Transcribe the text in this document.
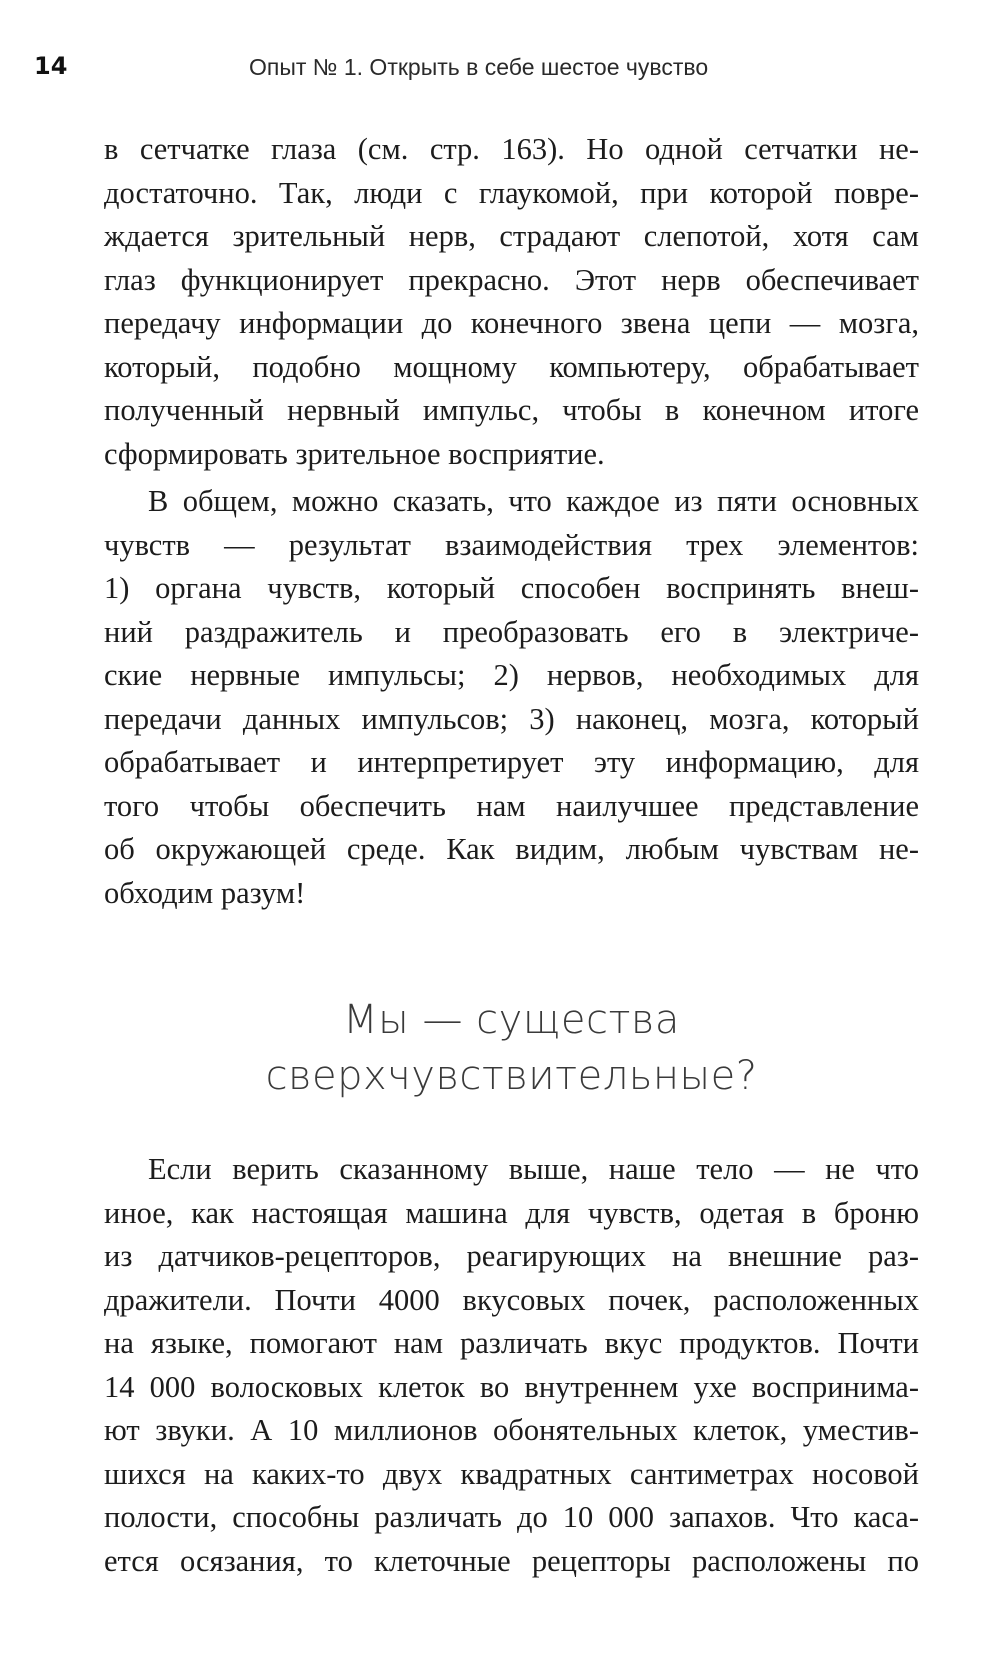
14	Опыт № 1. Открыть в себе шестое чувство
в сетчатке глаза (см. стр. 163). Но одной сетчатки не-
достаточно. Так, люди с глаукомой, при которой повре-
ждается зрительный нерв, страдают слепотой, хотя сам
глаз функционирует прекрасно. Этот нерв обеспечивает
передачу информации до конечного звена цепи — мозга,
который, подобно мощному компьютеру, обрабатывает
полученный нервный импульс, чтобы в конечном итоге
сформировать зрительное восприятие.
В общем, можно сказать, что каждое из пяти основных
чувств — результат взаимодействия трех элементов:
1) органа чувств, который способен воспринять внеш-
ний раздражитель и преобразовать его в электриче-
ские нервные импульсы; 2) нервов, необходимых для
передачи данных импульсов; 3) наконец, мозга, который
обрабатывает и интерпретирует эту информацию, для
того чтобы обеспечить нам наилучшее представление
об окружающей среде. Как видим, любым чувствам не-
обходим разум!
Мы — существа
сверхчувствительные?
Если верить сказанному выше, наше тело — не что
иное, как настоящая машина для чувств, одетая в броню
из датчиков-рецепторов, реагирующих на внешние раз-
дражители. Почти 4000 вкусовых почек, расположенных
на языке, помогают нам различать вкус продуктов. Почти
14 000 волосковых клеток во внутреннем ухе воспринима-
ют звуки. А 10 миллионов обонятельных клеток, уместив-
шихся на каких-то двух квадратных сантиметрах носовой
полости, способны различать до 10 000 запахов. Что каса-
ется осязания, то клеточные рецепторы расположены по
